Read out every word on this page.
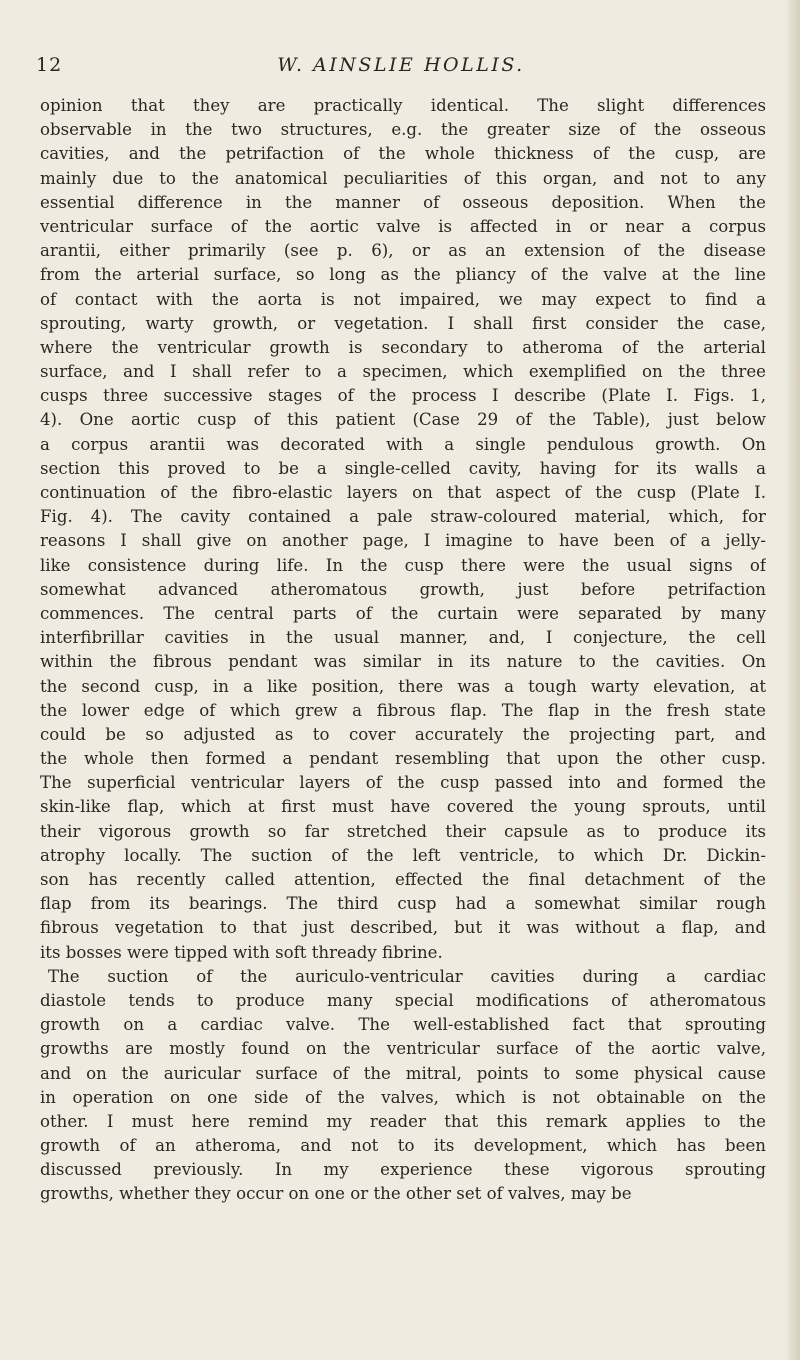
12	W. AINSLIE HOLLIS.
opinion that they are practically identical. The slight differences
observable in the two structures, e.g. the greater size of the osseous
cavities, and the petrifaction of the whole thickness of the cusp, are
mainly due to the anatomical peculiarities of this organ, and not to any
essential difference in the manner of osseous deposition. When the
ventricular surface of the aortic valve is affected in or near a corpus
arantii, either primarily (see p. 6), or as an extension of the disease
from the arterial surface, so long as the pliancy of the valve at the line
of contact with the aorta is not impaired, we may expect to find a
sprouting, warty growth, or vegetation. I shall first consider the case,
where the ventricular growth is secondary to atheroma of the arterial
surface, and I shall refer to a specimen, which exemplified on the three
cusps three successive stages of the process I describe (Plate I. Figs. 1,
4). One aortic cusp of this patient (Case 29 of the Table), just below
a corpus arantii was decorated with a single pendulous growth. On
section this proved to be a single-celled cavity, having for its walls a
continuation of the fibro-elastic layers on that aspect of the cusp (Plate I.
Fig. 4). The cavity contained a pale straw-coloured material, which, for
reasons I shall give on another page, I imagine to have been of a jelly-
like consistence during life. In the cusp there were the usual signs of
somewhat advanced atheromatous growth, just before petrifaction
commences. The central parts of the curtain were separated by many
interfibrillar cavities in the usual manner, and, I conjecture, the cell
within the fibrous pendant was similar in its nature to the cavities. On
the second cusp, in a like position, there was a tough warty elevation, at
the lower edge of which grew a fibrous flap. The flap in the fresh state
could be so adjusted as to cover accurately the projecting part, and
the whole then formed a pendant resembling that upon the other cusp.
The superficial ventricular layers of the cusp passed into and formed the
skin-like flap, which at first must have covered the young sprouts, until
their vigorous growth so far stretched their capsule as to produce its
atrophy locally. The suction of the left ventricle, to which Dr. Dickin-
son has recently called attention, effected the final detachment of the
flap from its bearings. The third cusp had a somewhat similar rough
fibrous vegetation to that just described, but it was without a flap, and
its bosses were tipped with soft thready fibrine.
The suction of the auriculo-ventricular cavities during a cardiac
diastole tends to produce many special modifications of atheromatous
growth on a cardiac valve. The well-established fact that sprouting
growths are mostly found on the ventricular surface of the aortic valve,
and on the auricular surface of the mitral, points to some physical cause
in operation on one side of the valves, which is not obtainable on the
other. I must here remind my reader that this remark applies to the
growth of an atheroma, and not to its development, which has been
discussed previously. In my experience these vigorous sprouting
growths, whether they occur on one or the other set of valves, may be
